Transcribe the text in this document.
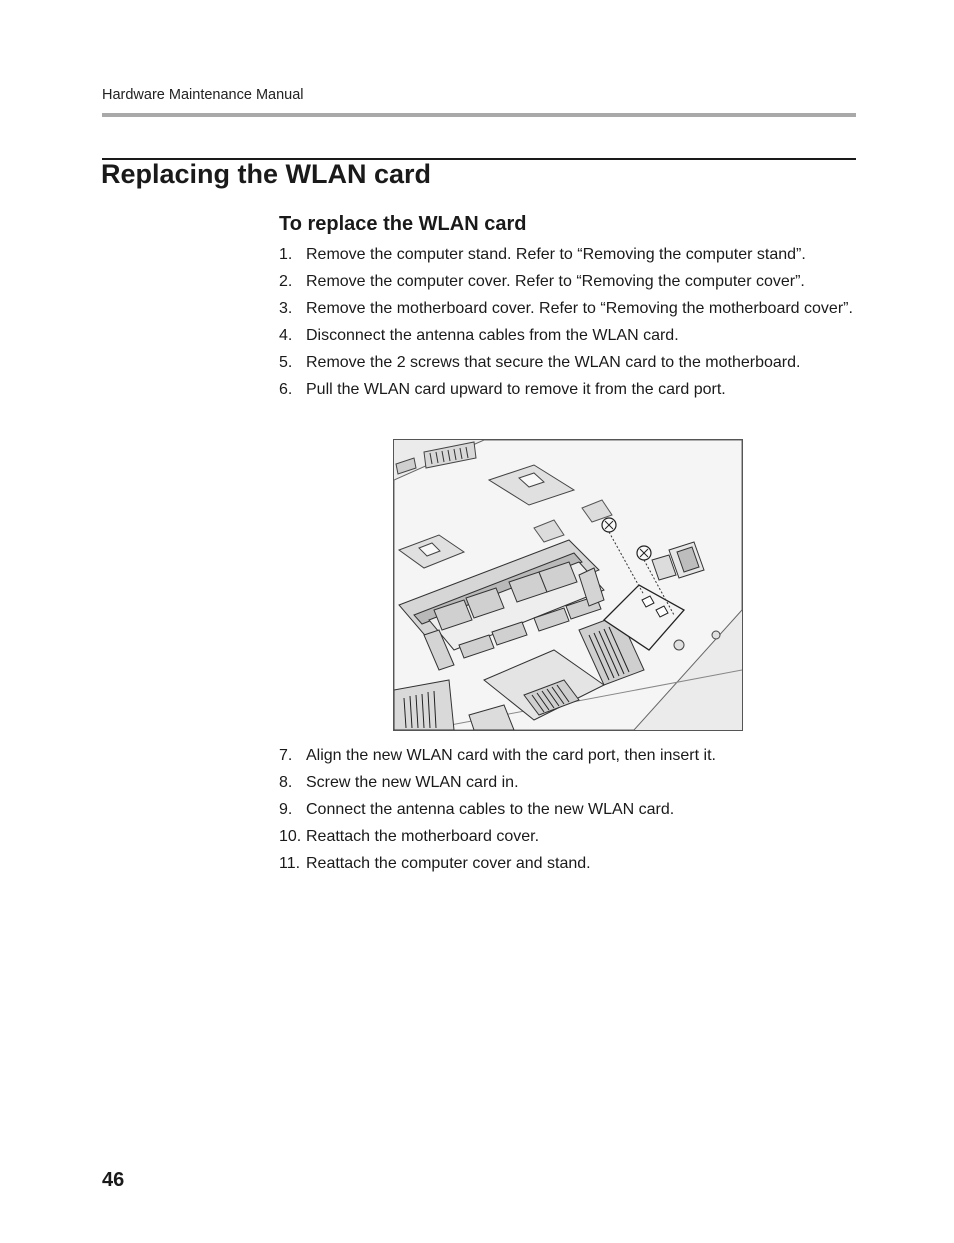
Hardware Maintenance Manual
Replacing the WLAN card
To replace the WLAN card
1. Remove the computer stand. Refer to “Removing the computer stand”.
2. Remove the computer cover. Refer to “Removing the computer cover”.
3. Remove the motherboard cover. Refer to “Removing the motherboard cover”.
4. Disconnect the antenna cables from the WLAN card.
5. Remove the 2 screws that secure the WLAN card to the motherboard.
6. Pull the WLAN card upward to remove it from the card port.
7. Align the new WLAN card with the card port, then insert it.
8. Screw the new WLAN card in.
9. Connect the antenna cables to the new WLAN card.
10. Reattach the motherboard cover.
11. Reattach the computer cover and stand.
46
